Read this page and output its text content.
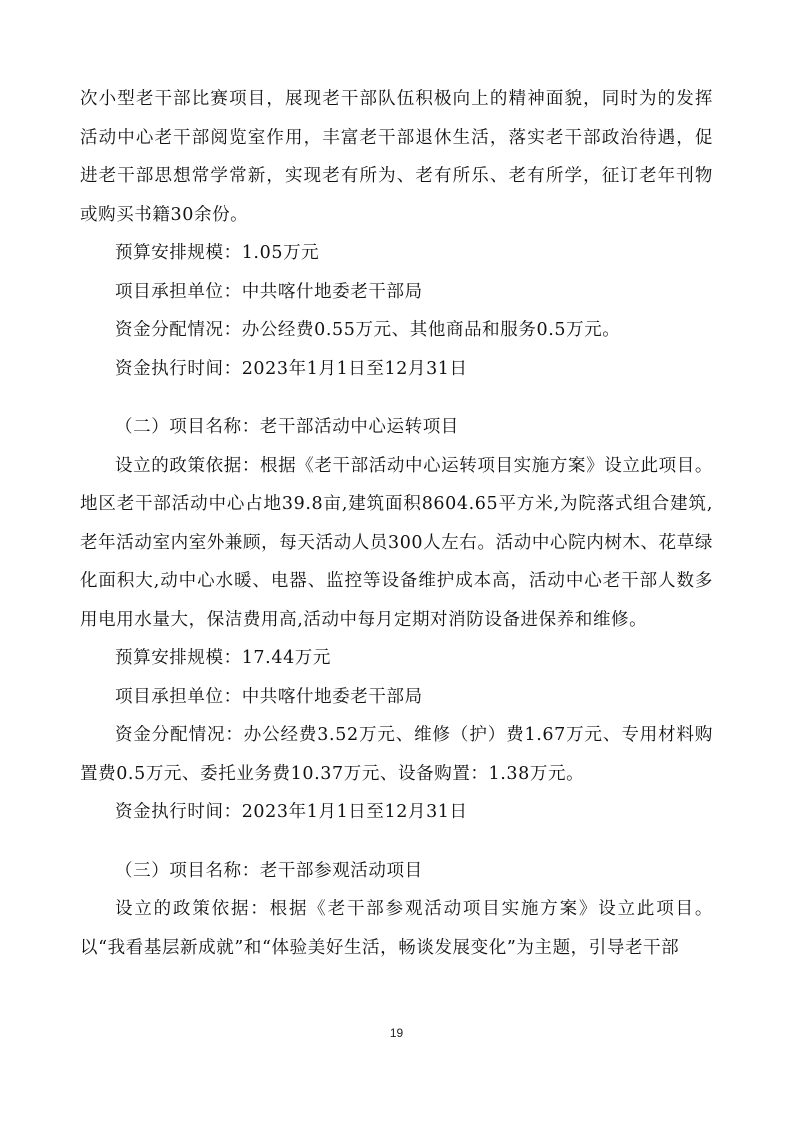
次小型老干部比赛项目，展现老干部队伍积极向上的精神面貌，同时为的发挥活动中心老干部阅览室作用，丰富老干部退休生活，落实老干部政治待遇，促进老干部思想常学常新，实现老有所为、老有所乐、老有所学，征订老年刊物或购买书籍30余份。

预算安排规模：1.05万元

项目承担单位：中共喀什地委老干部局

资金分配情况：办公经费0.55万元、其他商品和服务0.5万元。

资金执行时间：2023年1月1日至12月31日

（二）项目名称：老干部活动中心运转项目

设立的政策依据：根据《老干部活动中心运转项目实施方案》设立此项目。地区老干部活动中心占地39.8亩,建筑面积8604.65平方米,为院落式组合建筑,老年活动室内室外兼顾，每天活动人员300人左右。活动中心院内树木、花草绿化面积大,动中心水暖、电器、监控等设备维护成本高，活动中心老干部人数多用电用水量大，保洁费用高,活动中每月定期对消防设备进保养和维修。

预算安排规模：17.44万元

项目承担单位：中共喀什地委老干部局

资金分配情况：办公经费3.52万元、维修（护）费1.67万元、专用材料购置费0.5万元、委托业务费10.37万元、设备购置：1.38万元。

资金执行时间：2023年1月1日至12月31日

（三）项目名称：老干部参观活动项目

设立的政策依据：根据《老干部参观活动项目实施方案》设立此项目。以“我看基层新成就”和“体验美好生活，畅谈发展变化”为主题，引导老干部

19
